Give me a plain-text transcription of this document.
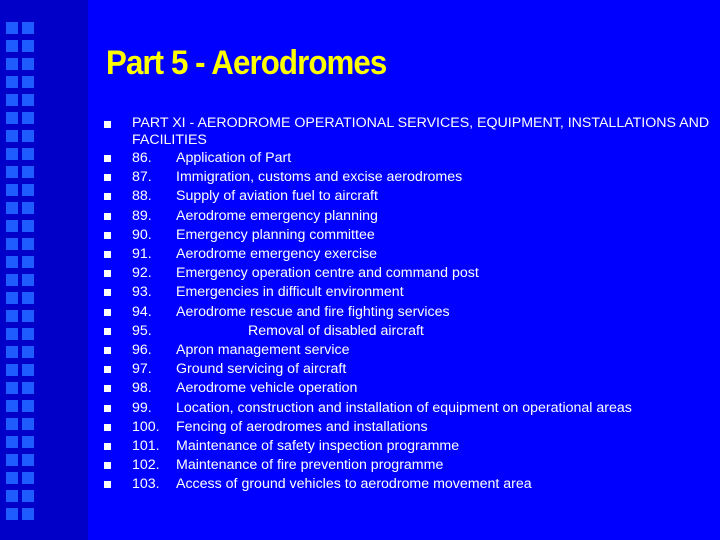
Part 5 - Aerodromes
PART XI - AERODROME OPERATIONAL SERVICES, EQUIPMENT, INSTALLATIONS AND FACILITIES
86. Application of Part
87. Immigration, customs and excise aerodromes
88. Supply of aviation fuel to aircraft
89. Aerodrome emergency planning
90. Emergency planning committee
91. Aerodrome emergency exercise
92. Emergency operation centre and command post
93. Emergencies in difficult environment
94. Aerodrome rescue and fire fighting services
95.	Removal of disabled aircraft
96. Apron management service
97. Ground servicing of aircraft
98. Aerodrome vehicle operation
99. Location, construction and installation of equipment on operational areas
100. Fencing of aerodromes and installations
101. Maintenance of safety inspection programme
102. Maintenance of fire prevention programme
103. Access of ground vehicles to aerodrome movement area
